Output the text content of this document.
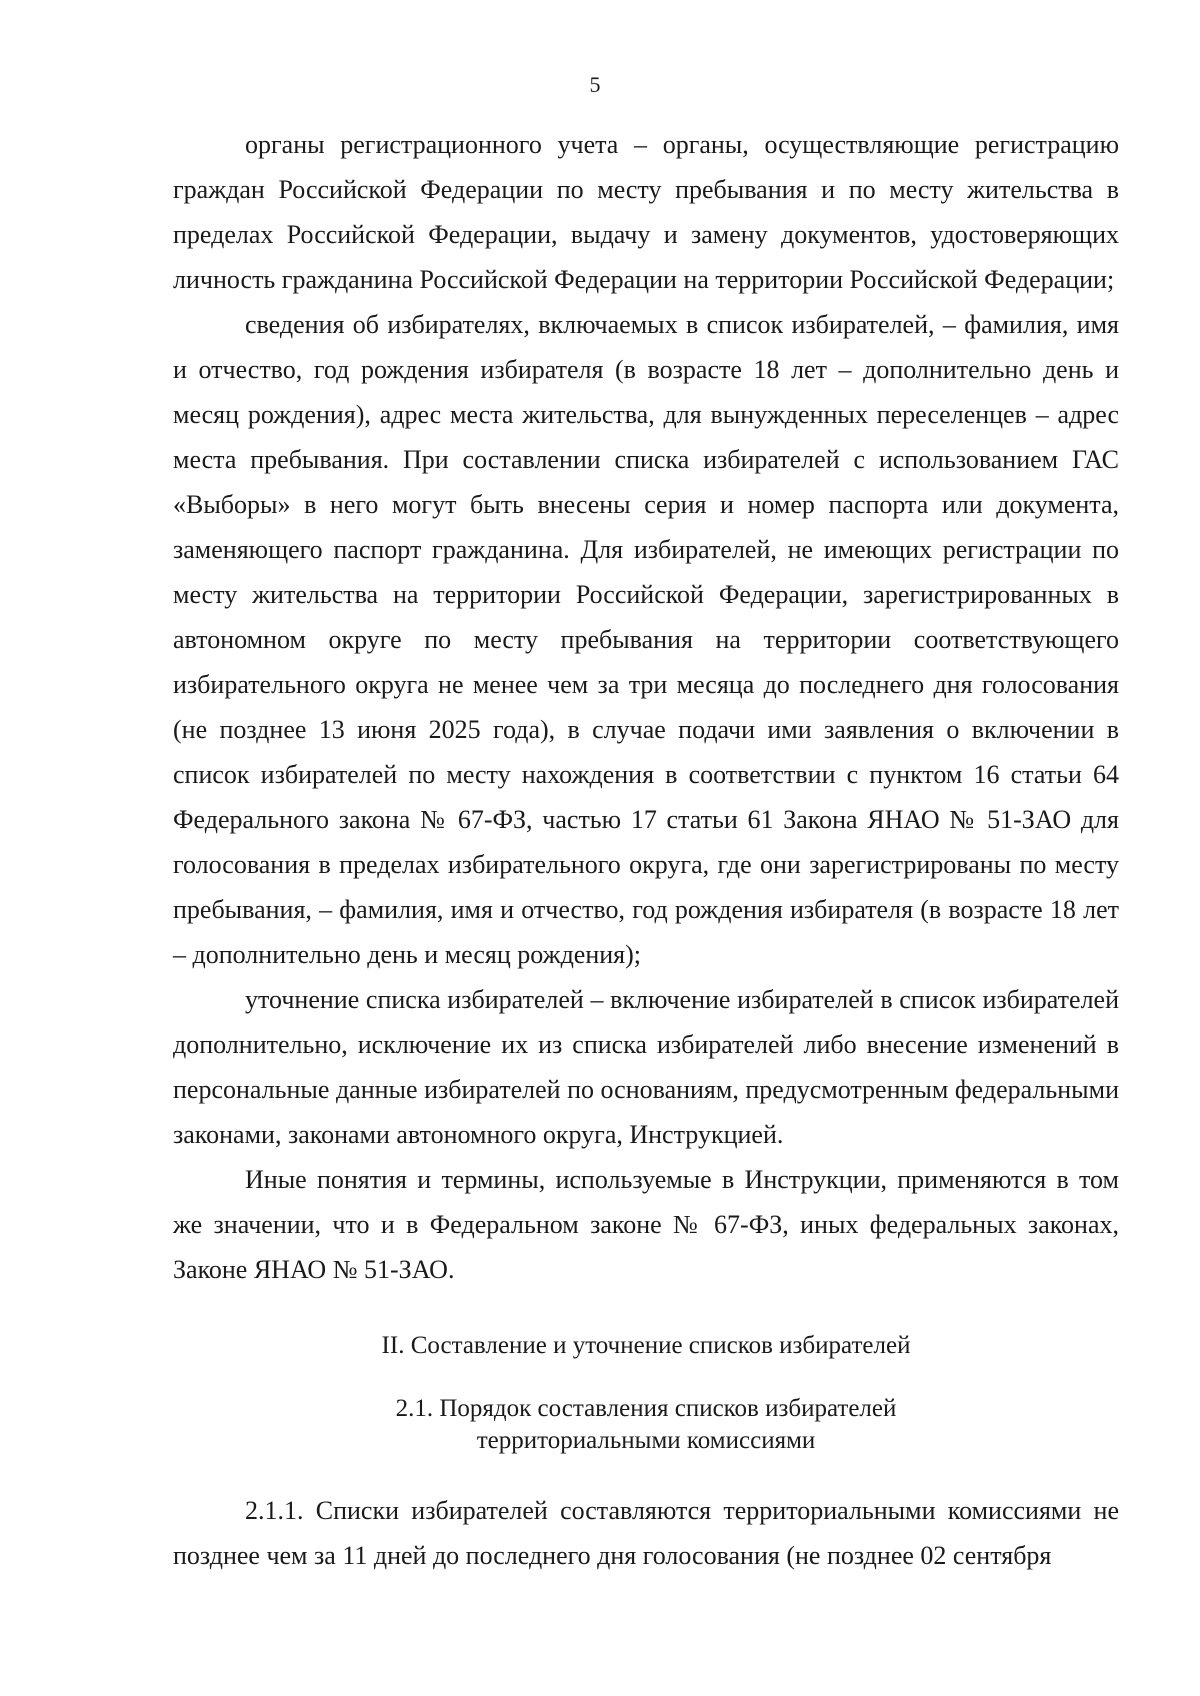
5

органы регистрационного учета – органы, осуществляющие регистрацию граждан Российской Федерации по месту пребывания и по месту жительства в пределах Российской Федерации, выдачу и замену документов, удостоверяющих личность гражданина Российской Федерации на территории Российской Федерации;

сведения об избирателях, включаемых в список избирателей, – фамилия, имя и отчество, год рождения избирателя (в возрасте 18 лет – дополнительно день и месяц рождения), адрес места жительства, для вынужденных переселенцев – адрес места пребывания. При составлении списка избирателей с использованием ГАС «Выборы» в него могут быть внесены серия и номер паспорта или документа, заменяющего паспорт гражданина. Для избирателей, не имеющих регистрации по месту жительства на территории Российской Федерации, зарегистрированных в автономном округе по месту пребывания на территории соответствующего избирательного округа не менее чем за три месяца до последнего дня голосования (не позднее 13 июня 2025 года), в случае подачи ими заявления о включении в список избирателей по месту нахождения в соответствии с пунктом 16 статьи 64 Федерального закона № 67-ФЗ, частью 17 статьи 61 Закона ЯНАО № 51-ЗАО для голосования в пределах избирательного округа, где они зарегистрированы по месту пребывания, – фамилия, имя и отчество, год рождения избирателя (в возрасте 18 лет – дополнительно день и месяц рождения);

уточнение списка избирателей – включение избирателей в список избирателей дополнительно, исключение их из списка избирателей либо внесение изменений в персональные данные избирателей по основаниям, предусмотренным федеральными законами, законами автономного округа, Инструкцией.

Иные понятия и термины, используемые в Инструкции, применяются в том же значении, что и в Федеральном законе № 67-ФЗ, иных федеральных законах, Законе ЯНАО № 51-ЗАО.

II. Составление и уточнение списков избирателей
2.1. Порядок составления списков избирателей
территориальными комиссиями

2.1.1. Списки избирателей составляются территориальными комиссиями не позднее чем за 11 дней до последнего дня голосования (не позднее 02 сентября
